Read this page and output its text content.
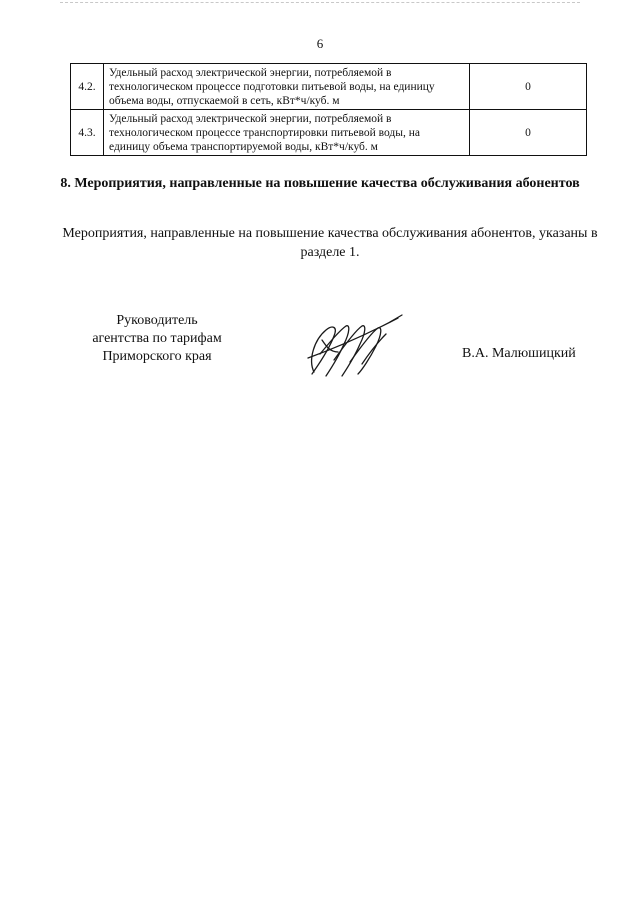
6
4.2.	Удельный расход электрической энергии, потребляемой в технологическом процессе подготовки питьевой воды, на единицу объема воды, отпускаемой в сеть, кВт*ч/куб. м	0
4.3.	Удельный расход электрической энергии, потребляемой в технологическом процессе транспортировки питьевой воды, на единицу объема транспортируемой воды, кВт*ч/куб. м	0
8. Мероприятия, направленные на повышение качества обслуживания абонентов
Мероприятия, направленные на повышение качества обслуживания абонентов, указаны в разделе 1.
Руководитель
агентства по тарифам
Приморского края	В.А. Малюшицкий
